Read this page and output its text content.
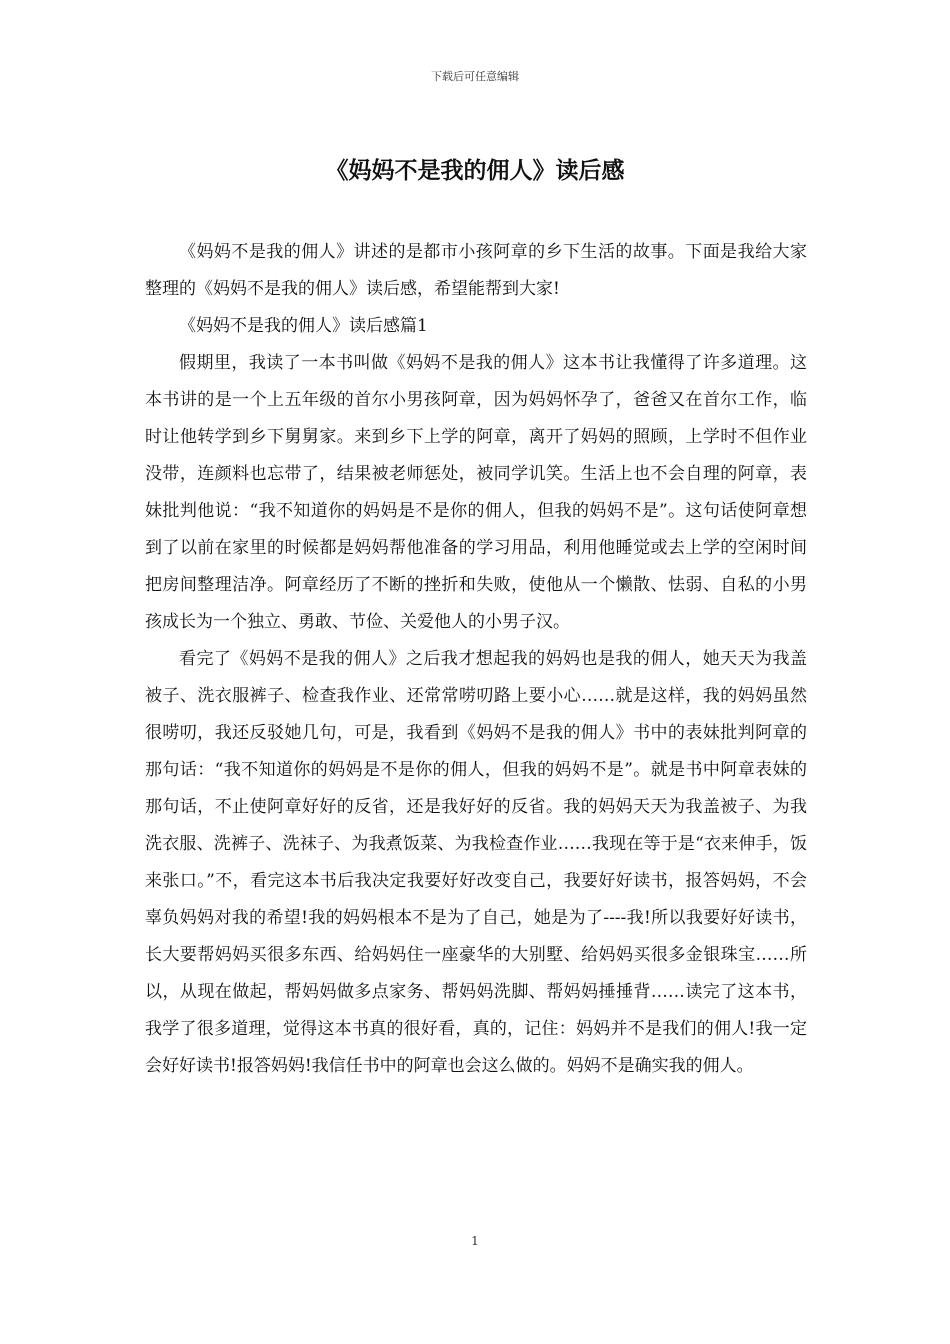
下载后可任意编辑
《妈妈不是我的佣人》读后感

《妈妈不是我的佣人》讲述的是都市小孩阿章的乡下生活的故事。下面是我给大家整理的《妈妈不是我的佣人》读后感，希望能帮到大家!

《妈妈不是我的佣人》读后感篇1

假期里，我读了一本书叫做《妈妈不是我的佣人》这本书让我懂得了许多道理。这本书讲的是一个上五年级的首尔小男孩阿章，因为妈妈怀孕了，爸爸又在首尔工作，临时让他转学到乡下舅舅家。来到乡下上学的阿章，离开了妈妈的照顾，上学时不但作业没带，连颜料也忘带了，结果被老师惩处，被同学讥笑。生活上也不会自理的阿章，表妹批判他说：“我不知道你的妈妈是不是你的佣人，但我的妈妈不是”。这句话使阿章想到了以前在家里的时候都是妈妈帮他准备的学习用品，利用他睡觉或去上学的空闲时间把房间整理洁净。阿章经历了不断的挫折和失败，使他从一个懒散、怯弱、自私的小男孩成长为一个独立、勇敢、节俭、关爱他人的小男子汉。

看完了《妈妈不是我的佣人》之后我才想起我的妈妈也是我的佣人，她天天为我盖被子、洗衣服裤子、检查我作业、还常常唠叨路上要小心……就是这样，我的妈妈虽然很唠叨，我还反驳她几句，可是，我看到《妈妈不是我的佣人》书中的表妹批判阿章的那句话：“我不知道你的妈妈是不是你的佣人，但我的妈妈不是”。就是书中阿章表妹的那句话，不止使阿章好好的反省，还是我好好的反省。我的妈妈天天为我盖被子、为我洗衣服、洗裤子、洗袜子、为我煮饭菜、为我检查作业……我现在等于是“衣来伸手，饭来张口。”不，看完这本书后我决定我要好好改变自己，我要好好读书，报答妈妈，不会辜负妈妈对我的希望!我的妈妈根本不是为了自己，她是为了----我!所以我要好好读书，长大要帮妈妈买很多东西、给妈妈住一座豪华的大别墅、给妈妈买很多金银珠宝……所以，从现在做起，帮妈妈做多点家务、帮妈妈洗脚、帮妈妈捶捶背……读完了这本书，我学了很多道理，觉得这本书真的很好看，真的，记住：妈妈并不是我们的佣人!我一定会好好读书!报答妈妈!我信任书中的阿章也会这么做的。妈妈不是确实我的佣人。

1
